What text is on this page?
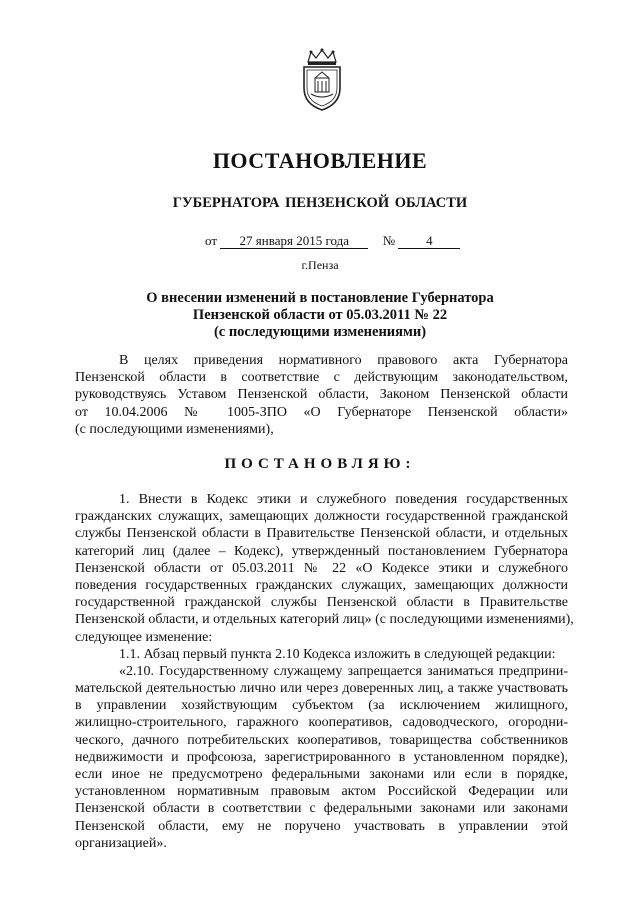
ПОСТАНОВЛЕНИЕ
ГУБЕРНАТОРА ПЕНЗЕНСКОЙ ОБЛАСТИ
от 27 января 2015 года	№ 4
г.Пенза
О внесении изменений в постановление Губернатора
Пензенской области от 05.03.2011 № 22
(с последующими изменениями)
В целях приведения нормативного правового акта Губернатора
Пензенской области в соответствие с действующим законодательством,
руководствуясь Уставом Пензенской области, Законом Пензенской области
от 10.04.2006 № 1005-ЗПО «О Губернаторе Пензенской области»
(с последующими изменениями),
ПОСТАНОВЛЯЮ:
1. Внести в Кодекс этики и служебного поведения государственных
гражданских служащих, замещающих должности государственной гражданской
службы Пензенской области в Правительстве Пензенской области, и отдельных
категорий лиц (далее – Кодекс), утвержденный постановлением Губернатора
Пензенской области от 05.03.2011 № 22 «О Кодексе этики и служебного
поведения государственных гражданских служащих, замещающих должности
государственной гражданской службы Пензенской области в Правительстве
Пензенской области, и отдельных категорий лиц» (с последующими изменениями),
следующее изменение:
1.1. Абзац первый пункта 2.10 Кодекса изложить в следующей редакции:
«2.10. Государственному служащему запрещается заниматься предприни-
мательской деятельностью лично или через доверенных лиц, а также участвовать
в управлении хозяйствующим субъектом (за исключением жилищного,
жилищно-строительного, гаражного кооперативов, садоводческого, огородни-
ческого, дачного потребительских кооперативов, товарищества собственников
недвижимости и профсоюза, зарегистрированного в установленном порядке),
если иное не предусмотрено федеральными законами или если в порядке,
установленном нормативным правовым актом Российской Федерации или
Пензенской области в соответствии с федеральными законами или законами
Пензенской области, ему не поручено участвовать в управлении этой
организацией».
